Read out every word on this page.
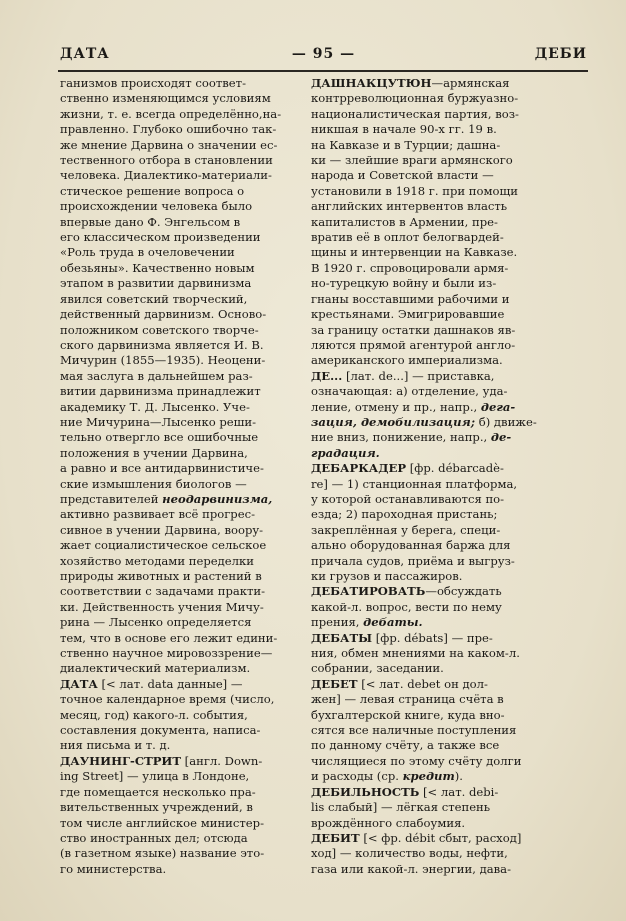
ДАТА	— 95 —	ДЕБИ
ганизмов происходят соответ-
ственно изменяющимся условиям
жизни, т. е. всегда определённо,на-
правленно. Глубоко ошибочно так-
же мнение Дарвина о значении ес-
тественного отбора в становлении
человека. Диалектико-материали-
стическое решение вопроса о
происхождении человека было
впервые дано Ф. Энгельсом в
его классическом произведении
«Роль труда в очеловечении
обезьяны». Качественно новым
этапом в развитии дарвинизма
явился советский творческий,
действенный дарвинизм. Осново-
положником советского творче-
ского дарвинизма является И. В.
Мичурин (1855—1935). Неоцени-
мая заслуга в дальнейшем раз-
витии дарвинизма принадлежит
академику Т. Д. Лысенко. Уче-
ние Мичурина—Лысенко реши-
тельно отвергло все ошибочные
положения в учении Дарвина,
а равно и все антидарвинистиче-
ские измышления биологов —
представителей неодарвинизма,
активно развивает всё прогрес-
сивное в учении Дарвина, воору-
жает социалистическое сельское
хозяйство методами переделки
природы животных и растений в
соответствии с задачами практи-
ки. Действенность учения Мичу-
рина — Лысенко определяется
тем, что в основе его лежит едини-
ственно научное мировоззрение—
диалектический материализм.
ДАТА [< лат. data данные] —
точное календарное время (число,
месяц, год) какого-л. события,
составления документа, написа-
ния письма и т. д.
ДАУНИНГ-СТРИТ [англ. Down-
ing Street] — улица в Лондоне,
где помещается несколько пра-
вительственных учреждений, в
том числе английское министер-
ство иностранных дел; отсюда
(в газетном языке) название это-
го министерства.
ДАШНАКЦУТЮН—армянская
контрреволюционная буржуазно-
националистическая партия, воз-
никшая в начале 90-х гг. 19 в.
на Кавказе и в Турции; дашна-
ки — злейшие враги армянского
народа и Советской власти —
установили в 1918 г. при помощи
английских интервентов власть
капиталистов в Армении, пре-
вратив её в оплот белогвардей-
щины и интервенции на Кавказе.
В 1920 г. спровоцировали армя-
но-турецкую войну и были из-
гнаны восставшими рабочими и
крестьянами. Эмигрировавшие
за границу остатки дашнаков яв-
ляются прямой агентурой англо-
американского империализма.
ДЕ... [лат. de...] — приставка,
означающая: а) отделение, уда-
ление, отмену и пр., напр., дега-
зация, демобилизация; б) движе-
ние вниз, понижение, напр., де-
градация.
ДЕБАРКАДЕР [фр. débarcadè-
re] — 1) станционная платформа,
у которой останавливаются по-
езда; 2) пароходная пристань;
закреплённая у берега, специ-
ально оборудованная баржа для
причала судов, приёма и выгруз-
ки грузов и пассажиров.
ДЕБАТИРОВАТЬ—обсуждать
какой-л. вопрос, вести по нему
прения, дебаты.
ДЕБАТЫ [фр. débats] — пре-
ния, обмен мнениями на каком-л.
собрании, заседании.
ДЕБЕТ [< лат. debet он дол-
жен] — левая страница счёта в
бухгалтерской книге, куда вно-
сятся все наличные поступления
по данному счёту, а также все
числящиеся по этому счёту долги
и расходы (ср. кредит).
ДЕБИЛЬНОСТЬ [< лат. debi-
lis слабый] — лёгкая степень
врождённого слабоумия.
ДЕБИТ [< фр. débit сбыт, расход]
ход] — количество воды, нефти,
газа или какой-л. энергии, дава-
